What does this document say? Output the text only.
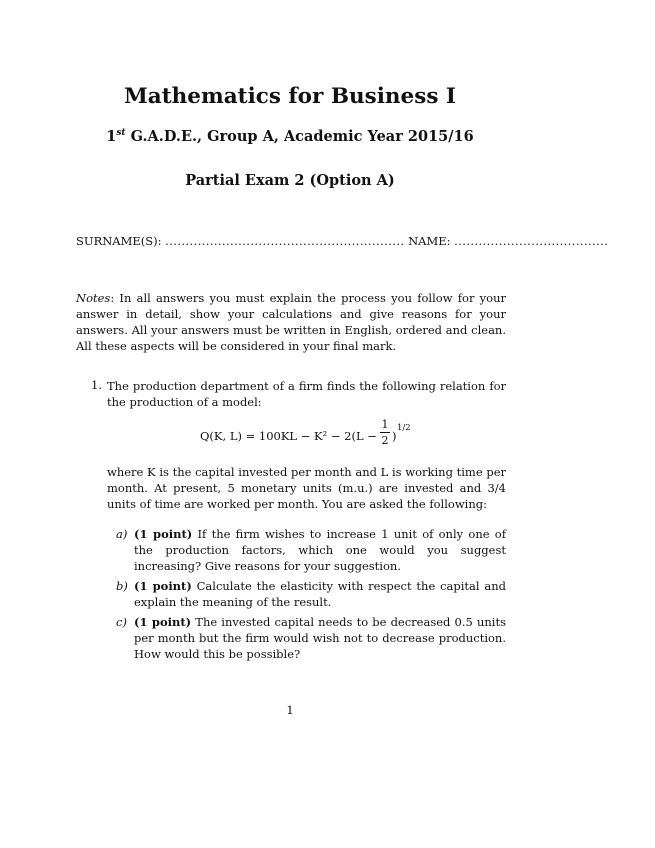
Mathematics for Business I
1st G.A.D.E., Group A, Academic Year 2015/16
Partial Exam 2 (Option A)
SURNAME(S): ........................................................... NAME: ......................................
Notes: In all answers you must explain the process you follow for your answer in detail, show your calculations and give reasons for your answers. All your answers must be written in English, ordered and clean. All these aspects will be considered in your final mark.
1. The production department of a firm finds the following relation for the production of a model:
Q(K, L) = 100KL − K² − 2(L −
1
2 )
1/2
where K is the capital invested per month and L is working time per month. At present, 5 monetary units (m.u.) are invested and 3/4 units of time are worked per month. You are asked the following:
a) (1 point) If the firm wishes to increase 1 unit of only one of the production factors, which one would you suggest increasing? Give reasons for your suggestion.
b) (1 point) Calculate the elasticity with respect the capital and explain the meaning of the result.
c) (1 point) The invested capital needs to be decreased 0.5 units per month but the firm would wish not to decrease production. How would this be possible?
1
